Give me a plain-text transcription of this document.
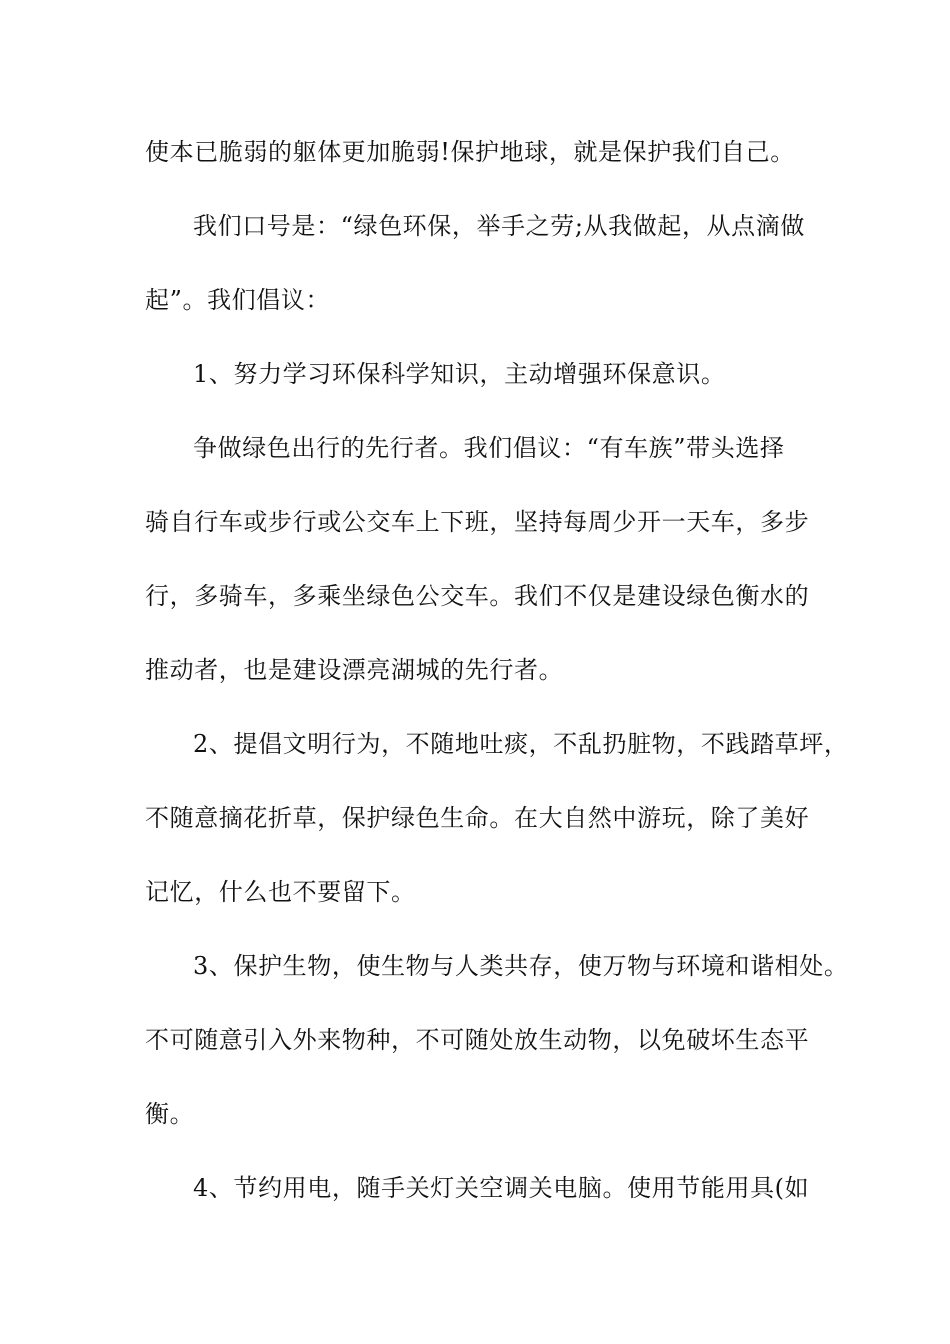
使本已脆弱的躯体更加脆弱!保护地球，就是保护我们自己。
我们口号是：“绿色环保，举手之劳;从我做起，从点滴做
起”。我们倡议：
1、努力学习环保科学知识，主动增强环保意识。
争做绿色出行的先行者。我们倡议：“有车族”带头选择
骑自行车或步行或公交车上下班，坚持每周少开一天车，多步
行，多骑车，多乘坐绿色公交车。我们不仅是建设绿色衡水的
推动者，也是建设漂亮湖城的先行者。
2、提倡文明行为，不随地吐痰，不乱扔脏物，不践踏草坪，
不随意摘花折草，保护绿色生命。在大自然中游玩，除了美好
记忆，什么也不要留下。
3、保护生物，使生物与人类共存，使万物与环境和谐相处。
不可随意引入外来物种，不可随处放生动物，以免破坏生态平
衡。
4、节约用电，随手关灯关空调关电脑。使用节能用具(如
